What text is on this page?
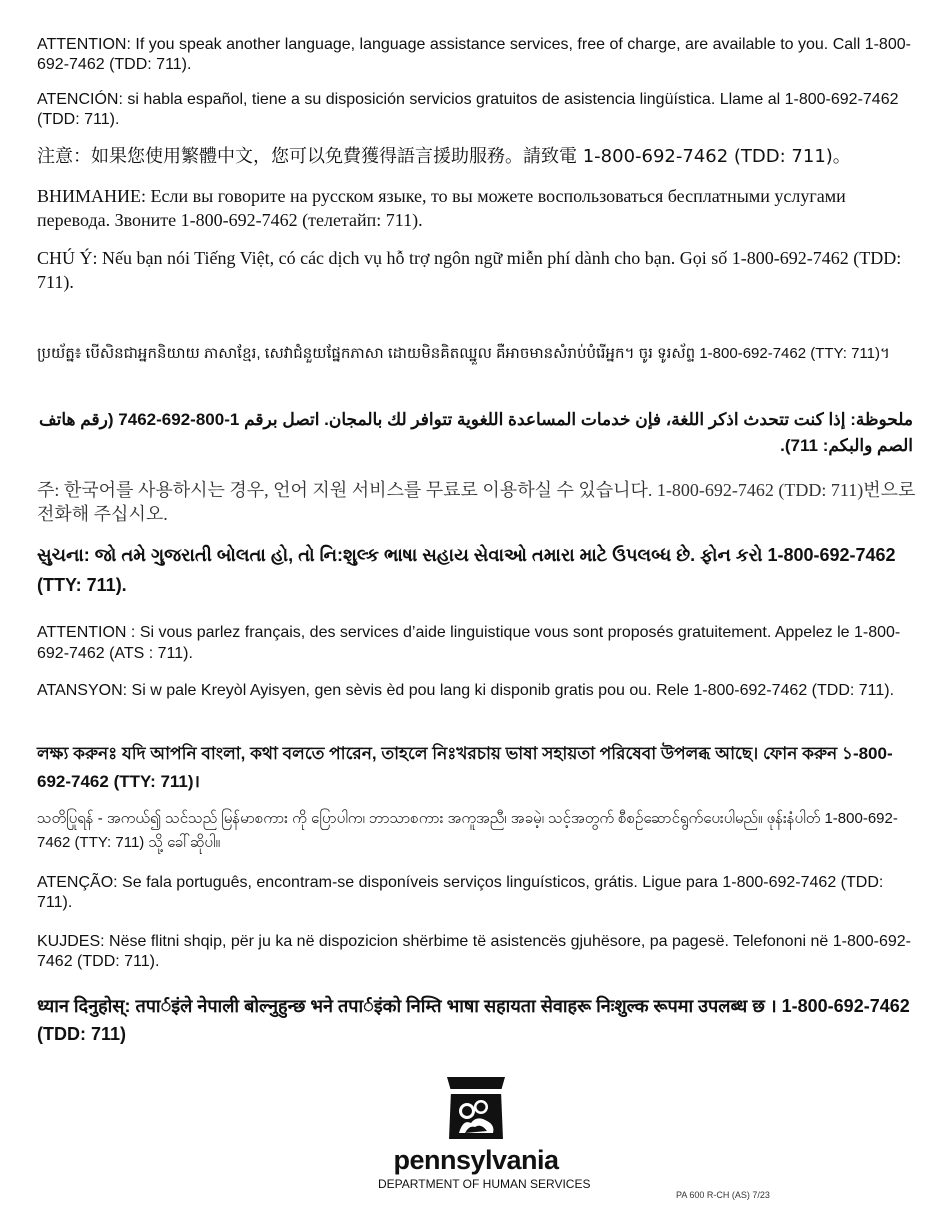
ATTENTION: If you speak another language, language assistance services, free of charge, are available to you. Call 1-800-692-7462 (TDD: 711).

ATENCIÓN: si habla español, tiene a su disposición servicios gratuitos de asistencia lingüística. Llame al 1-800-692-7462 (TDD: 711).

注意：如果您使用繁體中文，您可以免費獲得語言援助服務。請致電 1-800-692-7462 (TDD: 711)。

ВНИМАНИЕ: Если вы говорите на русском языке, то вы можете воспользоваться бесплатными услугами перевода. Звоните 1-800-692-7462 (телетайп: 711).

CHÚ Ý: Nếu bạn nói Tiếng Việt, có các dịch vụ hỗ trợ ngôn ngữ miễn phí dành cho bạn. Gọi số 1-800-692-7462 (TDD: 711).

ប្រយ័ត្ន៖ បើសិនជាអ្នកនិយាយ ភាសាខ្មែរ, សេវាជំនួយផ្នែកភាសា ដោយមិនគិតឈ្នួល គឺអាចមានសំរាប់បំរើអ្នក។ ចូរ ទូរស័ព្ទ 1-800-692-7462 (TTY: 711)។

ملحوظة: إذا كنت تتحدث اذكر اللغة، فإن خدمات المساعدة اللغوية تتوافر لك بالمجان. اتصل برقم 1-800-692-7462 (رقم هاتف الصم والبكم: 711).

주: 한국어를 사용하시는 경우, 언어 지원 서비스를 무료로 이용하실 수 있습니다. 1-800-692-7462 (TDD: 711)번으로 전화해 주십시오.

સુચના: જો તમે ગુજરાતી બોલતા હો, તો નિ:શુલ્ક ભાષા સહાય સેવાઓ તમારા માટે ઉપલબ્ધ છે. ફોન કરો 1-800-692-7462 (TTY: 711).

ATTENTION : Si vous parlez français, des services d’aide linguistique vous sont proposés gratuitement. Appelez le 1-800-692-7462 (ATS : 711).

ATANSYON: Si w pale Kreyòl Ayisyen, gen sèvis èd pou lang ki disponib gratis pou ou. Rele 1-800-692-7462 (TDD: 711).

লক্ষ্য করুনঃ যদি আপনি বাংলা, কথা বলতে পারেন, তাহলে নিঃখরচায় ভাষা সহায়তা পরিষেবা উপলব্ধ আছে। ফোন করুন ১-800-692-7462 (TTY: 711)।

သတိပြုရန် - အကယ်၍ သင်သည် မြန်မာစကား ကို ပြောပါက၊ ဘာသာစကား အကူအညီ၊ အခမဲ့၊ သင့်အတွက် စီစဥ်ဆောင်ရွက်ပေးပါမည်။ ဖုန်းနံပါတ် 1-800-692-7462 (TTY: 711) သို့ ခေါ်ဆိုပါ။

ATENÇÃO: Se fala português, encontram-se disponíveis serviços linguísticos, grátis. Ligue para 1-800-692-7462 (TDD: 711).

KUJDES: Nëse flitni shqip, për ju ka në dispozicion shërbime të asistencës gjuhësore, pa pagesë. Telefononi në 1-800-692-7462 (TDD: 711).

ध्यान दिनुहोस्: तपार्इंले नेपाली बोल्नुहुन्छ भने तपार्इंको निम्ति भाषा सहायता सेवाहरू निःशुल्क रूपमा उपलब्ध छ । 1-800-692-7462 (TDD: 711)

pennsylvania
DEPARTMENT OF HUMAN SERVICES
PA 600 R-CH (AS) 7/23
